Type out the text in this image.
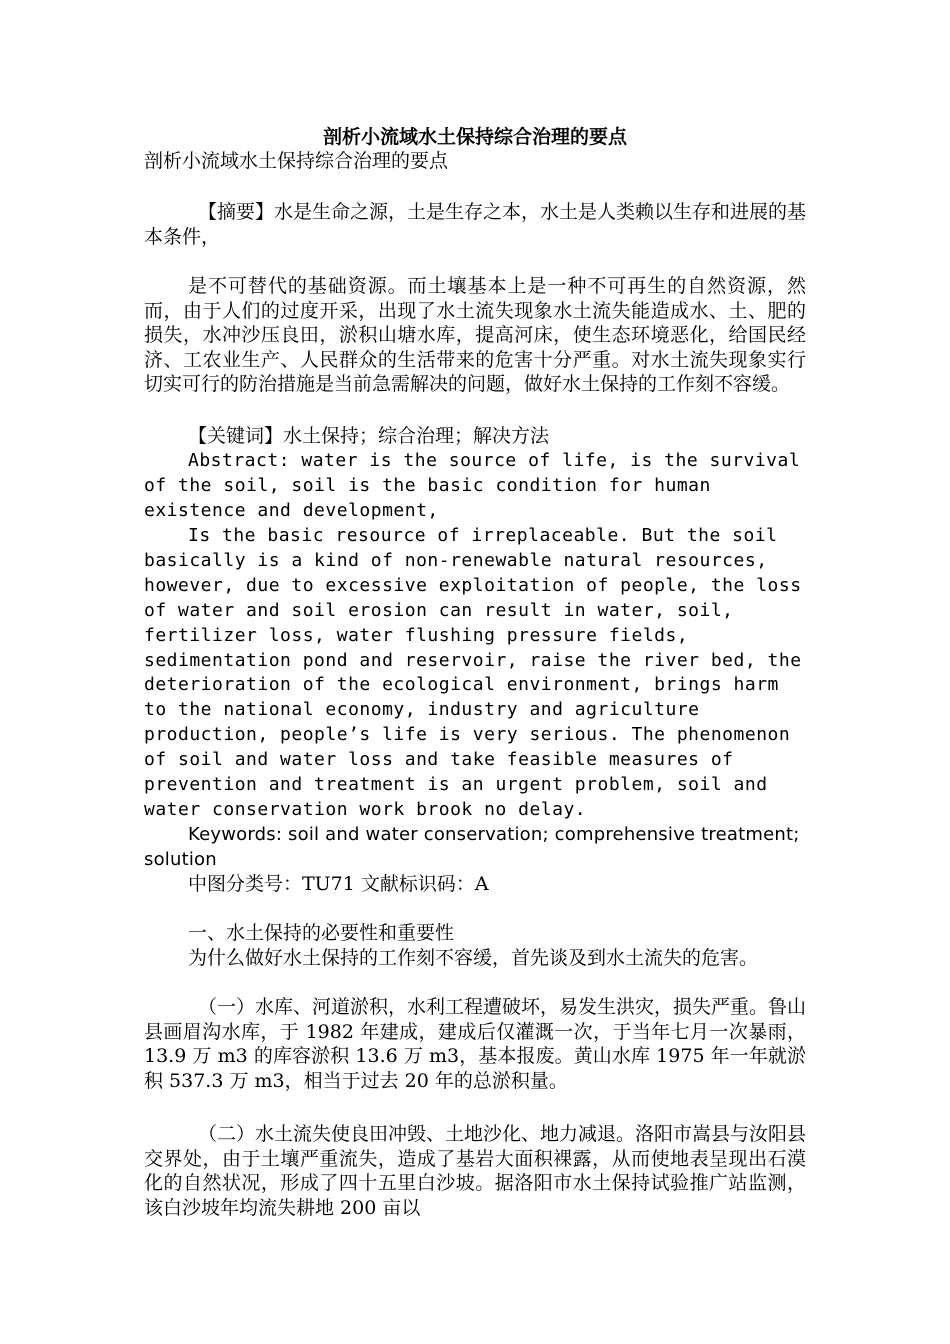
剖析小流域水土保持综合治理的要点

剖析小流域水土保持综合治理的要点

【摘要】水是生命之源，土是生存之本，水土是人类赖以生存和进展的基本条件，

是不可替代的基础资源。而土壤基本上是一种不可再生的自然资源，然而，由于人们的过度开采，出现了水土流失现象水土流失能造成水、土、肥的损失，水冲沙压良田，淤积山塘水库，提高河床，使生态环境恶化，给国民经济、工农业生产、人民群众的生活带来的危害十分严重。对水土流失现象实行切实可行的防治措施是当前急需解决的问题，做好水土保持的工作刻不容缓。

【关键词】水土保持；综合治理；解决方法

Abstract: water is the source of life, is the survival of the soil, soil is the basic condition for human existence and development,

Is the basic resource of irreplaceable. But the soil basically is a kind of non-renewable natural resources, however, due to excessive exploitation of people, the loss of water and soil erosion can result in water, soil, fertilizer loss, water flushing pressure fields, sedimentation pond and reservoir, raise the river bed, the deterioration of the ecological environment, brings harm to the national economy, industry and agriculture production, people’s life is very serious. The phenomenon of soil and water loss and take feasible measures of prevention and treatment is an urgent problem, soil and water conservation work brook no delay.

Keywords: soil and water conservation; comprehensive treatment; solution

中图分类号：TU71 文献标识码：A

一、水土保持的必要性和重要性

为什么做好水土保持的工作刻不容缓，首先谈及到水土流失的危害。

（一）水库、河道淤积，水利工程遭破坏，易发生洪灾，损失严重。鲁山县画眉沟水库，于 1982 年建成，建成后仅灌溉一次，于当年七月一次暴雨，13.9 万 m3 的库容淤积 13.6 万 m3，基本报废。黄山水库 1975 年一年就淤积 537.3 万 m3，相当于过去 20 年的总淤积量。

（二）水土流失使良田冲毁、土地沙化、地力减退。洛阳市嵩县与汝阳县交界处，由于土壤严重流失，造成了基岩大面积裸露，从而使地表呈现出石漠化的自然状况，形成了四十五里白沙坡。据洛阳市水土保持试验推广站监测，该白沙坡年均流失耕地 200 亩以
